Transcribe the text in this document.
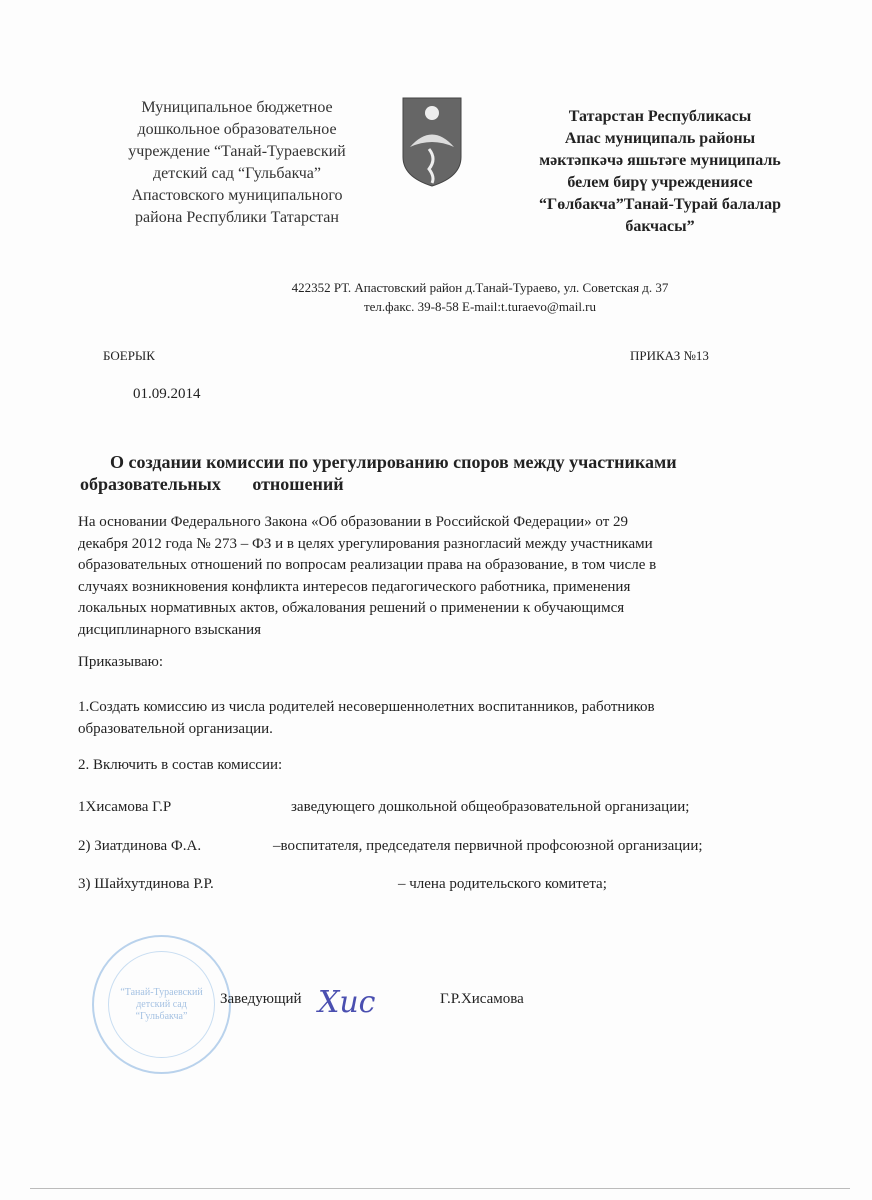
Муниципальное бюджетное
дошкольное образовательное
учреждение “Танай-Тураевский
детский сад “Гульбакча”
Апастовского муниципального
района Республики Татарстан
Татарстан Республикасы
Апас муниципаль районы
мәктәпкәчә яшьтәге муниципаль
белем бирү учреждениясе
“Гөлбакча”Танай-Турай балалар
бакчасы”
422352 РТ. Апастовский район д.Танай-Тураево, ул. Советская д. 37
тел.факс. 39-8-58 E-mail:t.turaevo@mail.ru
БОЕРЫК	ПРИКАЗ №13
01.09.2014
О создании комиссии по урегулированию споров между участниками
образовательных       отношений
На основании Федерального Закона «Об образовании в Российской Федерации» от 29
декабря 2012 года № 273 – ФЗ и в целях урегулирования разногласий между участниками
образовательных отношений по вопросам реализации права на образование, в том числе в
случаях возникновения конфликта интересов педагогического работника, применения
локальных нормативных актов, обжалования решений о применении к обучающимся
дисциплинарного взыскания
Приказываю:
1.Создать комиссию из числа родителей несовершеннолетних воспитанников, работников
образовательной организации.
2. Включить в состав комиссии:
1Хисамова Г.Р	заведующего дошкольной общеобразовательной организации;
2) Зиатдинова Ф.А.	–воспитателя, председателя первичной профсоюзной организации;
3) Шайхутдинова Р.Р.	– члена родительского комитета;
“Танай-Тураевский
детский сад
“Гульбакча”
Заведующий Хис	Г.Р.Хисамова
